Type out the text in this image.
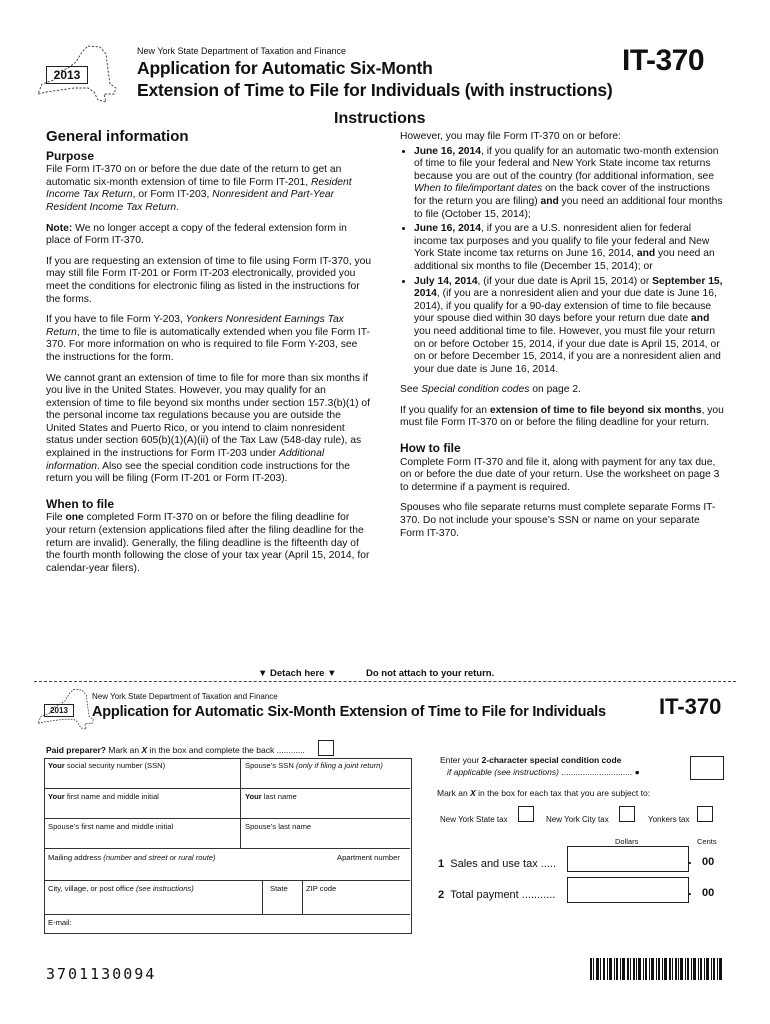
2013
New York State Department of Taxation and Finance
Application for Automatic Six-Month
Extension of Time to File for Individuals (with instructions)
IT-370
Instructions
General information
Purpose

File Form IT-370 on or before the due date of the return to get an automatic six-month extension of time to file Form IT-201, Resident Income Tax Return, or Form IT-203, Nonresident and Part-Year Resident Income Tax Return.

Note: We no longer accept a copy of the federal extension form in place of Form IT-370.

If you are requesting an extension of time to file using Form IT-370, you may still file Form IT-201 or Form IT-203 electronically, provided you meet the conditions for electronic filing as listed in the instructions for the forms.

If you have to file Form Y-203, Yonkers Nonresident Earnings Tax Return, the time to file is automatically extended when you file Form IT-370. For more information on who is required to file Form Y-203, see the instructions for the form.

We cannot grant an extension of time to file for more than six months if you live in the United States. However, you may qualify for an extension of time to file beyond six months under section 157.3(b)(1) of the personal income tax regulations because you are outside the United States and Puerto Rico, or you intend to claim nonresident status under section 605(b)(1)(A)(ii) of the Tax Law (548-day rule), as explained in the instructions for Form IT-203 under Additional information. Also see the special condition code instructions for the return you will be filing (Form IT-201 or Form IT-203).

When to file

File one completed Form IT-370 on or before the filing deadline for your return (extension applications filed after the filing deadline for the return are invalid). Generally, the filing deadline is the fifteenth day of the fourth month following the close of your tax year (April 15, 2014, for calendar-year filers).

However, you may file Form IT-370 on or before:

• June 16, 2014, if you qualify for an automatic two-month extension of time to file your federal and New York State income tax returns because you are out of the country (for additional information, see When to file/important dates on the back cover of the instructions for the return you are filing) and you need an additional four months to file (October 15, 2014);
• June 16, 2014, if you are a U.S. nonresident alien for federal income tax purposes and you qualify to file your federal and New York State income tax returns on June 16, 2014, and you need an additional six months to file (December 15, 2014); or
• July 14, 2014, (if your due date is April 15, 2014) or September 15, 2014, (if you are a nonresident alien and your due date is June 16, 2014), if you qualify for a 90-day extension of time to file because your spouse died within 30 days before your return due date and you need additional time to file. However, you must file your return on or before October 15, 2014, if your due date is April 15, 2014, or on or before December 15, 2014, if you are a nonresident alien and your due date is June 16, 2014.

See Special condition codes on page 2.

If you qualify for an extension of time to file beyond six months, you must file Form IT-370 on or before the filing deadline for your return.

How to file

Complete Form IT-370 and file it, along with payment for any tax due, on or before the due date of your return. Use the worksheet on page 3 to determine if a payment is required.

Spouses who file separate returns must complete separate Forms IT-370. Do not include your spouse’s SSN or name on your separate Form IT-370.

▼ Detach here ▼	Do not attach to your return.
2013
New York State Department of Taxation and Finance
Application for Automatic Six-Month Extension of Time to File for Individuals IT-370
Paid preparer? Mark an X in the box and complete the back ............
Your social security number (SSN)	Spouse’s SSN (only if filing a joint return)
Your first name and middle initial	Your last name
Spouse’s first name and middle initial	Spouse’s last name
Mailing address (number and street or rural route)	Apartment number
City, village, or post office (see instructions)	State ZIP code
E-mail:
Enter your 2-character special condition code
if applicable (see instructions) .............................. ●
Mark an X in the box for each tax that you are subject to:
New York State tax	New York City tax	Yonkers tax
Dollars	Cents
1 Sales and use tax .....	. 00
2 Total payment ...........	. 00
3701130094
